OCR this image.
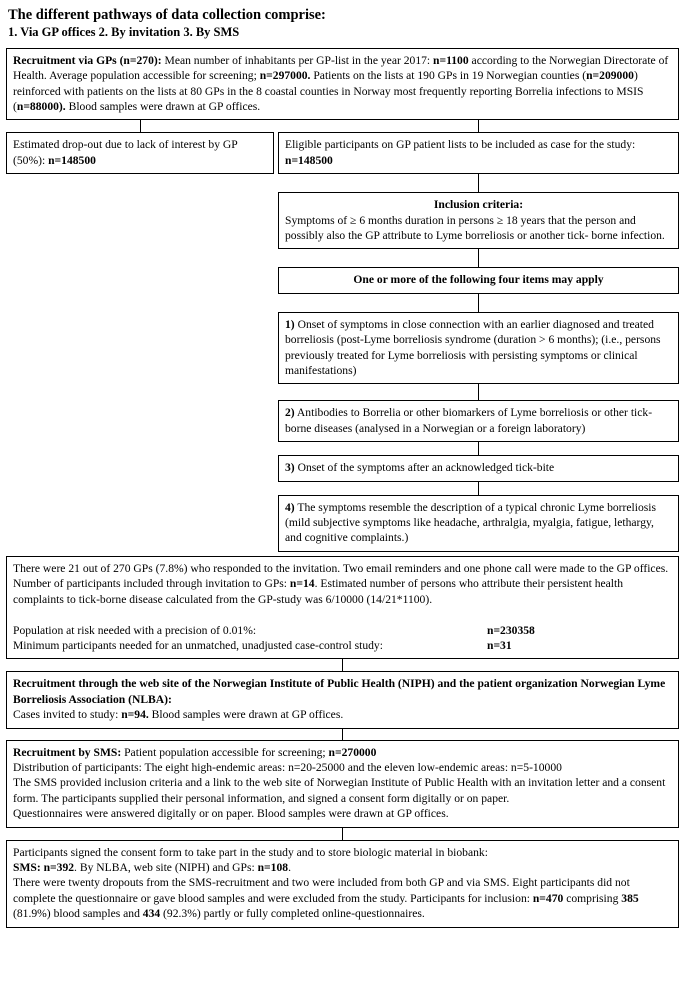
The different pathways of data collection comprise:
1. Via GP offices 2. By invitation 3. By SMS

Recruitment via GPs (n=270): Mean number of inhabitants per GP-list in the year 2017: n=1100 according to the Norwegian Directorate of Health. Average population accessible for screening; n=297000. Patients on the lists at 190 GPs in 19 Norwegian counties (n=209000) reinforced with patients on the lists at 80 GPs in the 8 coastal counties in Norway most frequently reporting Borrelia infections to MSIS (n=88000). Blood samples were drawn at GP offices.

Estimated drop-out due to lack of interest by GP (50%): n=148500

Eligible participants on GP patient lists to be included as case for the study: n=148500

Inclusion criteria:

Symptoms of ≥ 6 months duration in persons ≥ 18 years that the person and possibly also the GP attribute to Lyme borreliosis or another tick- borne infection.

One or more of the following four items may apply

1) Onset of symptoms in close connection with an earlier diagnosed and treated borreliosis (post-Lyme borreliosis syndrome (duration > 6 months); (i.e., persons previously treated for Lyme borreliosis with persisting symptoms or clinical manifestations)

2) Antibodies to Borrelia or other biomarkers of Lyme borreliosis or other tick-borne diseases (analysed in a Norwegian or a foreign laboratory)

3) Onset of the symptoms after an acknowledged tick-bite

4) The symptoms resemble the description of a typical chronic Lyme borreliosis (mild subjective symptoms like headache, arthralgia, myalgia, fatigue, lethargy, and cognitive complaints.)

There were 21 out of 270 GPs (7.8%) who responded to the invitation. Two email reminders and one phone call were made to the GP offices. Number of participants included through invitation to GPs: n=14. Estimated number of persons who attribute their persistent health complaints to tick-borne disease calculated from the GP-study was 6/10000 (14/21*1100).

Population at risk needed with a precision of 0.01%:	n=230358

Minimum participants needed for an unmatched, unadjusted case-control study:	n=31

Recruitment through the web site of the Norwegian Institute of Public Health (NIPH) and the patient organization Norwegian Lyme Borreliosis Association (NLBA):

Cases invited to study: n=94. Blood samples were drawn at GP offices.

Recruitment by SMS: Patient population accessible for screening; n=270000

Distribution of participants: The eight high-endemic areas: n=20-25000 and the eleven low-endemic areas: n=5-10000

The SMS provided inclusion criteria and a link to the web site of Norwegian Institute of Public Health with an invitation letter and a consent form. The participants supplied their personal information, and signed a consent form digitally or on paper.

Questionnaires were answered digitally or on paper. Blood samples were drawn at GP offices.

Participants signed the consent form to take part in the study and to store biologic material in biobank:

SMS: n=392. By NLBA, web site (NIPH) and GPs: n=108.

There were twenty dropouts from the SMS-recruitment and two were included from both GP and via SMS. Eight participants did not complete the questionnaire or gave blood samples and were excluded from the study. Participants for inclusion: n=470 comprising 385 (81.9%) blood samples and 434 (92.3%) partly or fully completed online-questionnaires.
